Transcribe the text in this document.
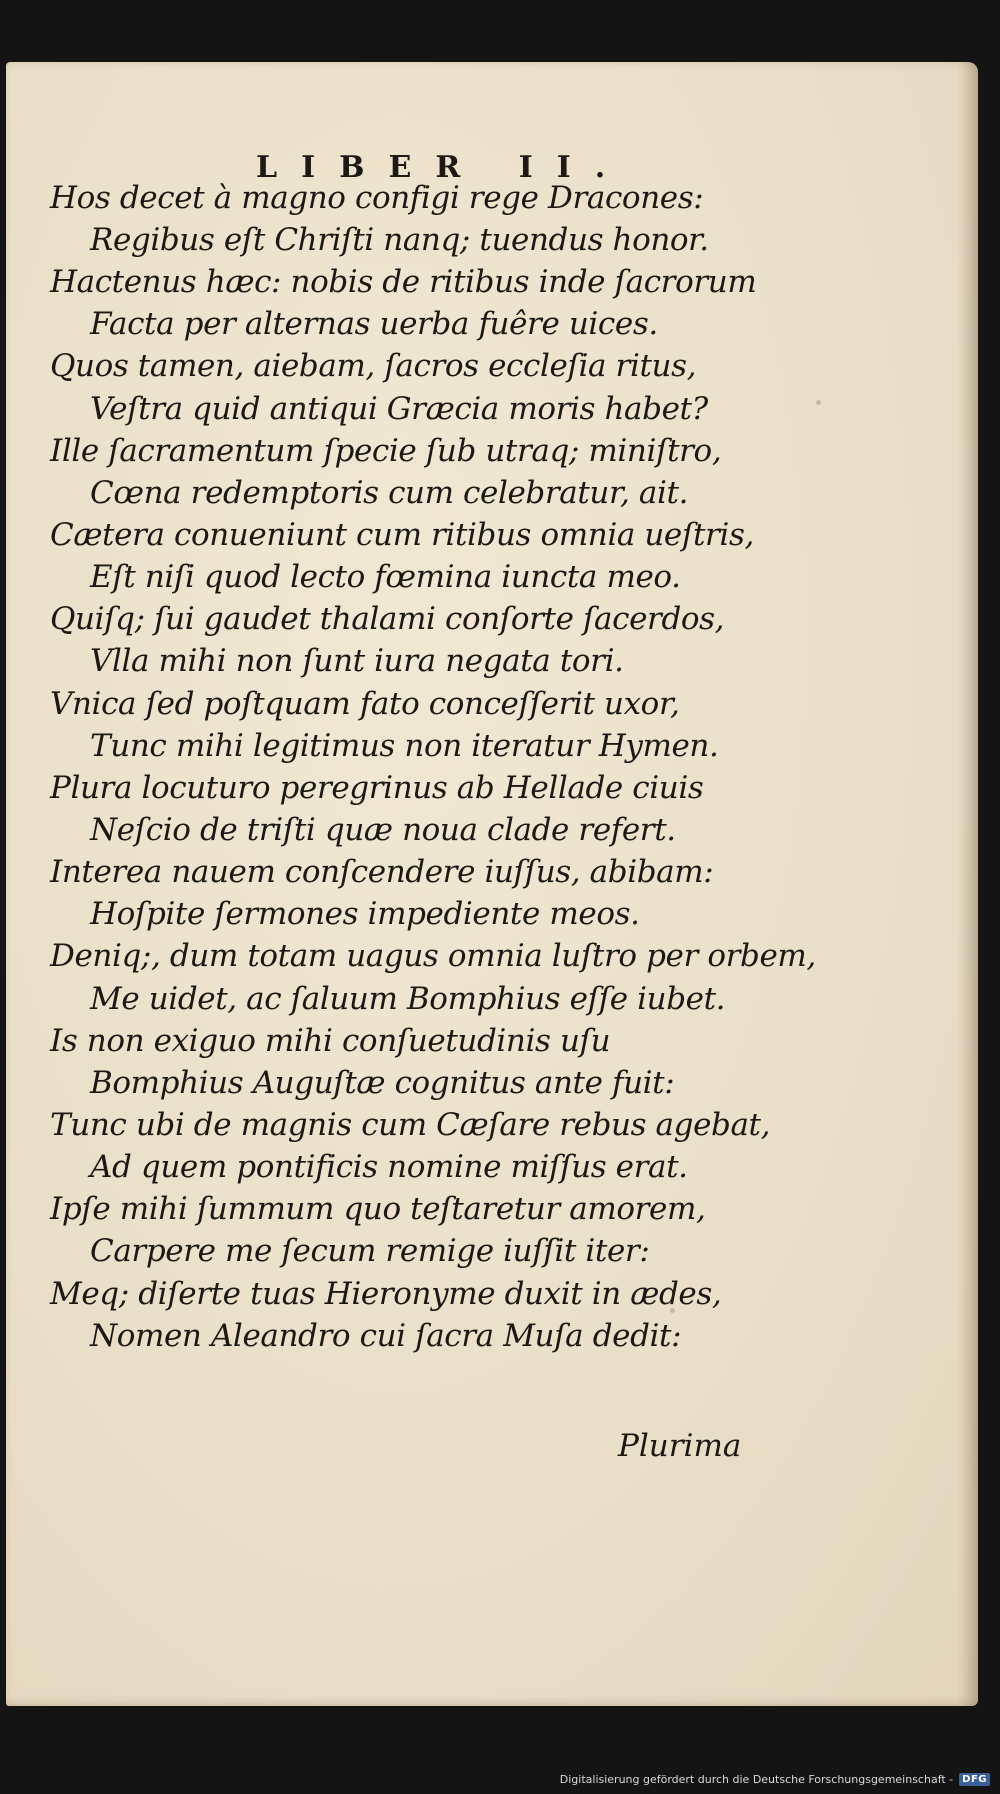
LIBER II.
Hos decet à magno configi rege Dracones:
Regibus eſt Chriſti nanq; tuendus honor.
Hactenus hæc: nobis de ritibus inde ſacrorum
Facta per alternas uerba fuêre uices.
Quos tamen, aiebam, ſacros eccleſia ritus,
Veſtra quid antiqui Græcia moris habet?
Ille ſacramentum ſpecie ſub utraq; miniſtro,
Cœna redemptoris cum celebratur, ait.
Cætera conueniunt cum ritibus omnia ueſtris,
Eſt niſi quod lecto fœmina iuncta meo.
Quiſq; ſui gaudet thalami conſorte ſacerdos,
Vlla mihi non ſunt iura negata tori.
Vnica ſed poſtquam fato conceſſerit uxor,
Tunc mihi legitimus non iteratur Hymen.
Plura locuturo peregrinus ab Hellade ciuis
Neſcio de triſti quæ noua clade refert.
Interea nauem conſcendere iuſſus, abibam:
Hoſpite ſermones impediente meos.
Deniq;, dum totam uagus omnia luſtro per orbem,
Me uidet, ac ſaluum Bomphius eſſe iubet.
Is non exiguo mihi conſuetudinis uſu
Bomphius Auguſtæ cognitus ante fuit:
Tunc ubi de magnis cum Cæſare rebus agebat,
Ad quem pontificis nomine miſſus erat.
Ipſe mihi ſummum quo teſtaretur amorem,
Carpere me ſecum remige iuſſit iter:
Meq; diſerte tuas Hieronyme duxit in ædes,
Nomen Aleandro cui ſacra Muſa dedit:
Plurima
Digitalisierung gefördert durch die Deutsche Forschungsgemeinschaft - DFG
